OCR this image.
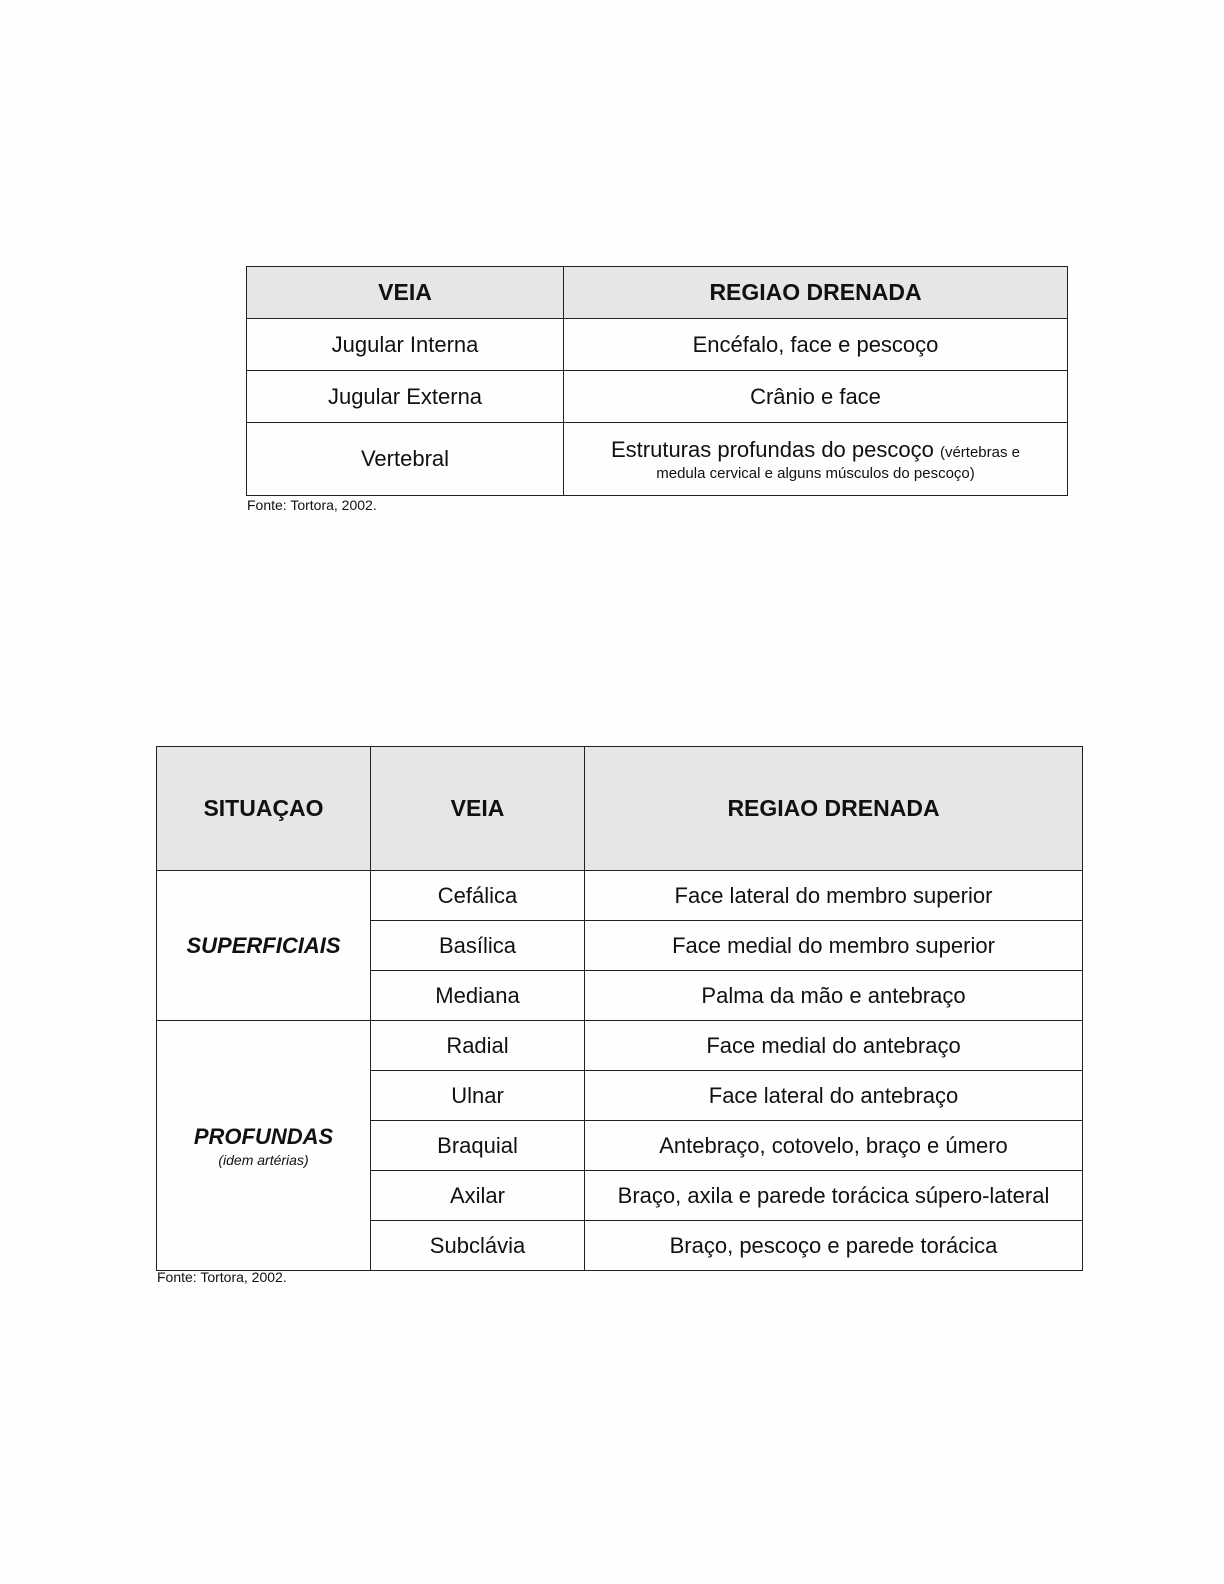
VEIA	REGIAO DRENADA
Jugular Interna	Encéfalo, face e pescoço
Jugular Externa	Crânio e face
Vertebral	Estruturas profundas do pescoço (vértebras e
medula cervical e alguns músculos do pescoço)
Fonte: Tortora, 2002.
SITUAÇAO	VEIA	REGIAO DRENADA

SUPERFICIAIS	Cefálica	Face lateral do membro superior
	Basílica	Face medial do membro superior
	Mediana	Palma da mão e antebraço

PROFUNDAS
(idem artérias)	Radial	Face medial do antebraço
	Ulnar	Face lateral do antebraço
	Braquial	Antebraço, cotovelo, braço e úmero
	Axilar	Braço, axila e parede torácica súpero-lateral
	Subclávia	Braço, pescoço e parede torácica
Fonte: Tortora, 2002.
